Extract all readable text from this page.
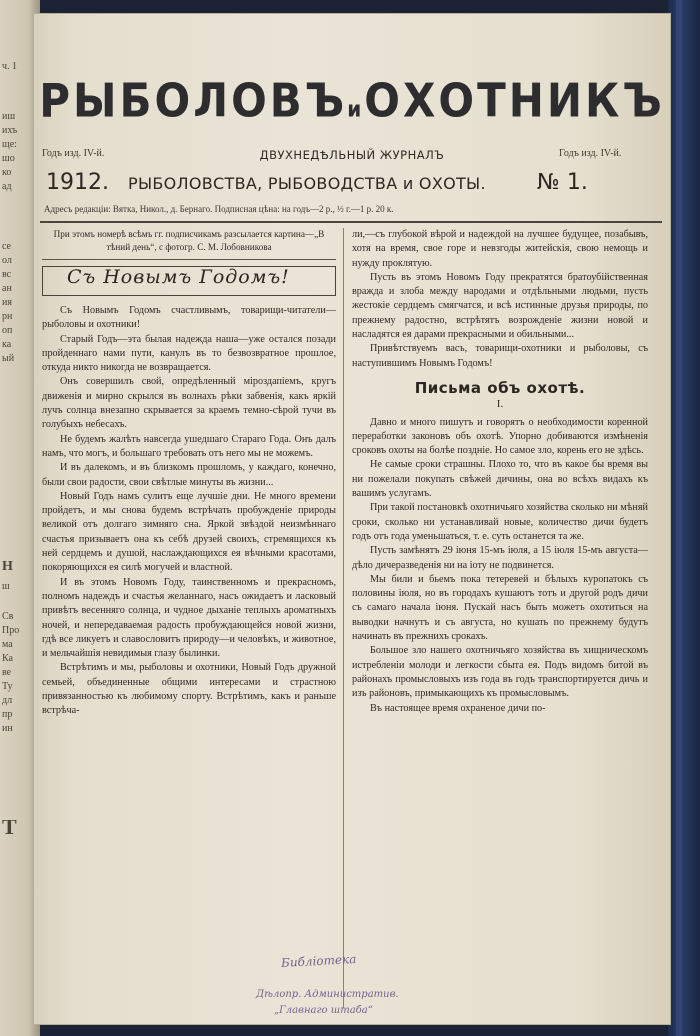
ч. 1
иш
ихъ
ще:
шо
ко
ад
се
ол
вс
ан
ия
рн
оп
ка
ый
Н
ш
Св
Про
ма
Ка
ве
Ту
дл
пр
ин
Т
РЫБОЛОВЪиОХОТНИКЪ
Годъ изд. IV-й.	Годъ изд. IV-й.
ДВУХНЕДѢЛЬНЫЙ ЖУРНАЛЪ
1912. РЫБОЛОВСТВА, РЫБОВОДСТВА и ОХОТЫ. № 1.
Адресъ редакціи: Вятка, Никол., д. Бернаго. Подписная цѣна: на годъ—2 р., ½ г.—1 р. 20 к.

При этомъ номерѣ всѣмъ гг. подписчикамъ разсылается картина—„В тѣний день“, с фотогр. С. М. Лобовникова

Съ Новымъ Годомъ!

Съ Новымъ Годомъ счастливымъ, товарищи-читатели—рыболовы и охотники!

Старый Годъ—эта былая надежда наша—уже остался позади пройденнаго нами пути, канулъ въ то безвозвратное прошлое, откуда никто никогда не возвращается.

Онъ совершилъ свой, опредѣленный міроздапіемъ, кругъ движенія и мирно скрылся въ волнахъ рѣки забвенія, какъ яркій лучъ солнца внезапно скрывается за краемъ темно-сѣрой тучи въ голубыхъ небесахъ.

Не будемъ жалѣть навсегда ушедшаго Стараго Года. Онъ далъ намъ, что могъ, и большаго требовать отъ него мы не можемъ.

И въ далекомъ, и въ близкомъ прошломъ, у каждаго, конечно, были свои радости, свои свѣтлые минуты въ жизни...

Новый Годъ намъ сулитъ еще лучшіе дни. Не много времени пройдетъ, и мы снова будемъ встрѣчать пробужденіе природы великой отъ долгаго зимняго сна. Яркой звѣздой неизмѣннаго счастья призываетъ она къ себѣ друзей своихъ, стремящихся къ ней сердцемъ и душой, наслаждающихся ея вѣчными красотами, покоряющихся ея силѣ могучей и властной.

И въ этомъ Новомъ Году, таинственномъ и прекрасномъ, полномъ надеждъ и счастья желаннаго, насъ ожидаетъ и ласковый привѣтъ весенняго солнца, и чудное дыханіе теплыхъ ароматныхъ ночей, и непередаваемая радость пробуждающейся новой жизни, гдѣ все ликуетъ и славословитъ природу—и человѣкъ, и животное, и мельчайшія невидимыя глазу былинки.

Встрѣтимъ и мы, рыболовы и охотники, Новый Годъ дружной семьей, объединенные общими интересами и страстною привязанностью къ любимому спорту. Встрѣтимъ, какъ и раньше встрѣча-

ли,—съ глубокой вѣрой и надеждой на лучшее будущее, позабывъ, хотя на время, свое горе и невзгоды житейскія, свою немощь и нужду проклятую.

Пусть въ этомъ Новомъ Году прекратятся братоубійственная вражда и злоба между народами и отдѣльными людьми, пусть жестокіе сердцемъ смягчатся, и всѣ истинные друзья природы, по прежнему радостно, встрѣтятъ возрожденіе жизни новой и насладятся ея дарами прекрасными и обильными...

Привѣтствуемъ васъ, товарищи-охотники и рыболовы, съ наступившимъ Новымъ Годомъ!

Письма объ охотѣ.
I.

Давно и много пишутъ и говорятъ о необходимости коренной переработки законовъ объ охотѣ. Упорно добиваются измѣненія сроковъ охоты на болѣе поздніе. Но самое зло, корень его не здѣсь.

Не самые сроки страшны. Плохо то, что въ какое бы время вы ни пожелали покупать свѣжей дичины, она во всѣхъ видахъ къ вашимъ услугамъ.

При такой постановкѣ охотничьяго хозяйства сколько ни мѣняй сроки, сколько ни устанавливай новые, количество дичи будетъ годъ отъ года уменьшаться, т. е. суть останется та же.

Пусть замѣнятъ 29 іюня 15-мъ іюля, а 15 іюля 15-мъ августа—дѣло дичеразведенія ни на іоту не подвинется.

Мы били и бьемъ пока тетеревей и бѣлыхъ куропатокъ съ половины іюля, но въ городахъ кушаютъ тотъ и другой родъ дичи съ самаго начала іюня. Пускай насъ быть можетъ охотиться на выводки начнутъ и съ августа, но кушать по прежнему будутъ начинать въ прежнихъ срокахъ.

Большое зло нашего охотничьяго хозяйства въ хищническомъ истребленіи молоди и легкости сбыта ея. Подъ видомъ битой въ районахъ промысловыхъ изъ года въ годъ транспортируется дичь и изъ районовъ, примыкающихъ къ промысловымъ.

Въ настоящее время охраненое дичи по-

Библіотека
Дѣлопр. Административ.
„Главнаго штаба“
